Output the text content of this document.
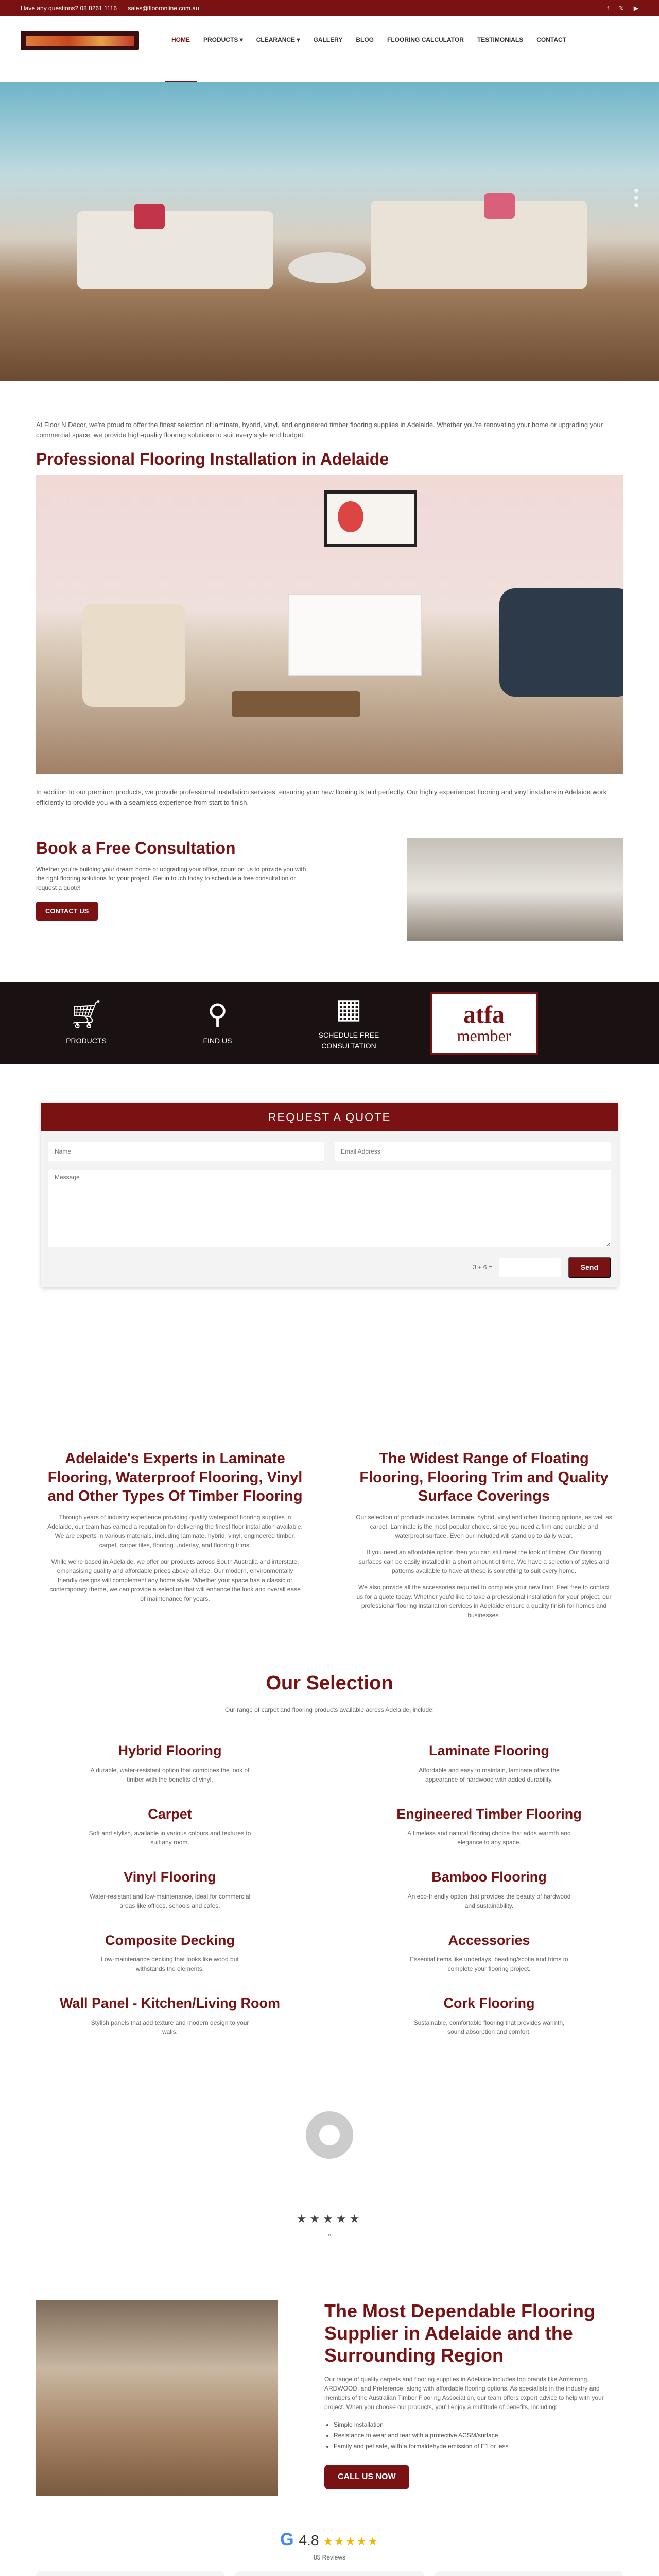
Have any questions? 08 8261 1116 sales@flooronline.com.au	f 𝕏 ▶
HOME	PRODUCTS ▾	CLEARANCE ▾	GALLERY	BLOG	FLOORING CALCULATOR	TESTIMONIALS	CONTACT

At Floor N Décor, we're proud to offer the finest selection of laminate, hybrid, vinyl, and engineered timber flooring supplies in Adelaide. Whether you're renovating your home or upgrading your commercial space, we provide high-quality flooring solutions to suit every style and budget.

Professional Flooring Installation in Adelaide

In addition to our premium products, we provide professional installation services, ensuring your new flooring is laid perfectly. Our highly experienced flooring and vinyl installers in Adelaide work efficiently to provide you with a seamless experience from start to finish.

Book a Free Consultation

Whether you're building your dream home or upgrading your office, count on us to provide you with the right flooring solutions for your project. Get in touch today to schedule a free consultation or request a quote!

CONTACT US
🛒︎
PRODUCTS
⚲
FIND US
▦
SCHEDULE FREE CONSULTATION
atfa
member
REQUEST A QUOTE
Name
Email Address
Message
3 + 6 =	Send
Adelaide's Experts in Laminate Flooring, Waterproof Flooring, Vinyl and Other Types Of Timber Flooring

Through years of industry experience providing quality waterproof flooring supplies in Adelaide, our team has earned a reputation for delivering the finest floor installation available. We are experts in various materials, including laminate, hybrid, vinyl, engineered timber, carpet, carpet tiles, flooring underlay, and flooring trims.

While we're based in Adelaide, we offer our products across South Australia and interstate, emphasising quality and affordable prices above all else. Our modern, environmentally friendly designs will complement any home style. Whether your space has a classic or contemporary theme, we can provide a selection that will enhance the look and overall ease of maintenance for years.

The Widest Range of Floating Flooring, Flooring Trim and Quality Surface Coverings

Our selection of products includes laminate, hybrid, vinyl and other flooring options, as well as carpet. Laminate is the most popular choice, since you need a firm and durable and waterproof surface. Even our included will stand up to daily wear.

If you need an affordable option then you can still meet the look of timber. Our flooring surfaces can be easily installed in a short amount of time. We have a selection of styles and patterns available to have at these is something to suit every home.

We also provide all the accessories required to complete your new floor. Feel free to contact us for a quote today. Whether you'd like to take a professional installation for your project, our professional flooring installation services in Adelaide ensure a quality finish for homes and businesses.

Our Selection

Our range of carpet and flooring products available across Adelaide, include:

Hybrid Flooring

A durable, water-resistant option that combines the look of timber with the benefits of vinyl.

Laminate Flooring

Affordable and easy to maintain, laminate offers the appearance of hardwood with added durability.

Carpet

Soft and stylish, available in various colours and textures to suit any room.

Engineered Timber Flooring

A timeless and natural flooring choice that adds warmth and elegance to any space.

Vinyl Flooring

Water-resistant and low-maintenance, ideal for commercial areas like offices, schools and cafes.

Bamboo Flooring

An eco-friendly option that provides the beauty of hardwood and sustainability.

Composite Decking

Low-maintenance decking that looks like wood but withstands the elements.

Accessories

Essential items like underlays, beading/scotia and trims to complete your flooring project.

Wall Panel - Kitchen/Living Room

Stylish panels that add texture and modern design to your walls.

Cork Flooring

Sustainable, comfortable flooring that provides warmth, sound absorption and comfort.

★★★★★
”
The Most Dependable Flooring Supplier in Adelaide and the Surrounding Region

Our range of quality carpets and flooring supplies in Adelaide includes top brands like Armstrong, ARDWOOD, and Preference, along with affordable flooring options. As specialists in the industry and members of the Australian Timber Flooring Association, our team offers expert advice to help with your project. When you choose our products, you'll enjoy a multitude of benefits, including:

• Simple installation
• Resistance to wear and tear with a protective ACSM/surface
• Family and pet safe, with a formaldehyde emission of E1 or less
CALL US NOW
G 4.8 ★★★★★
85 Reviews
